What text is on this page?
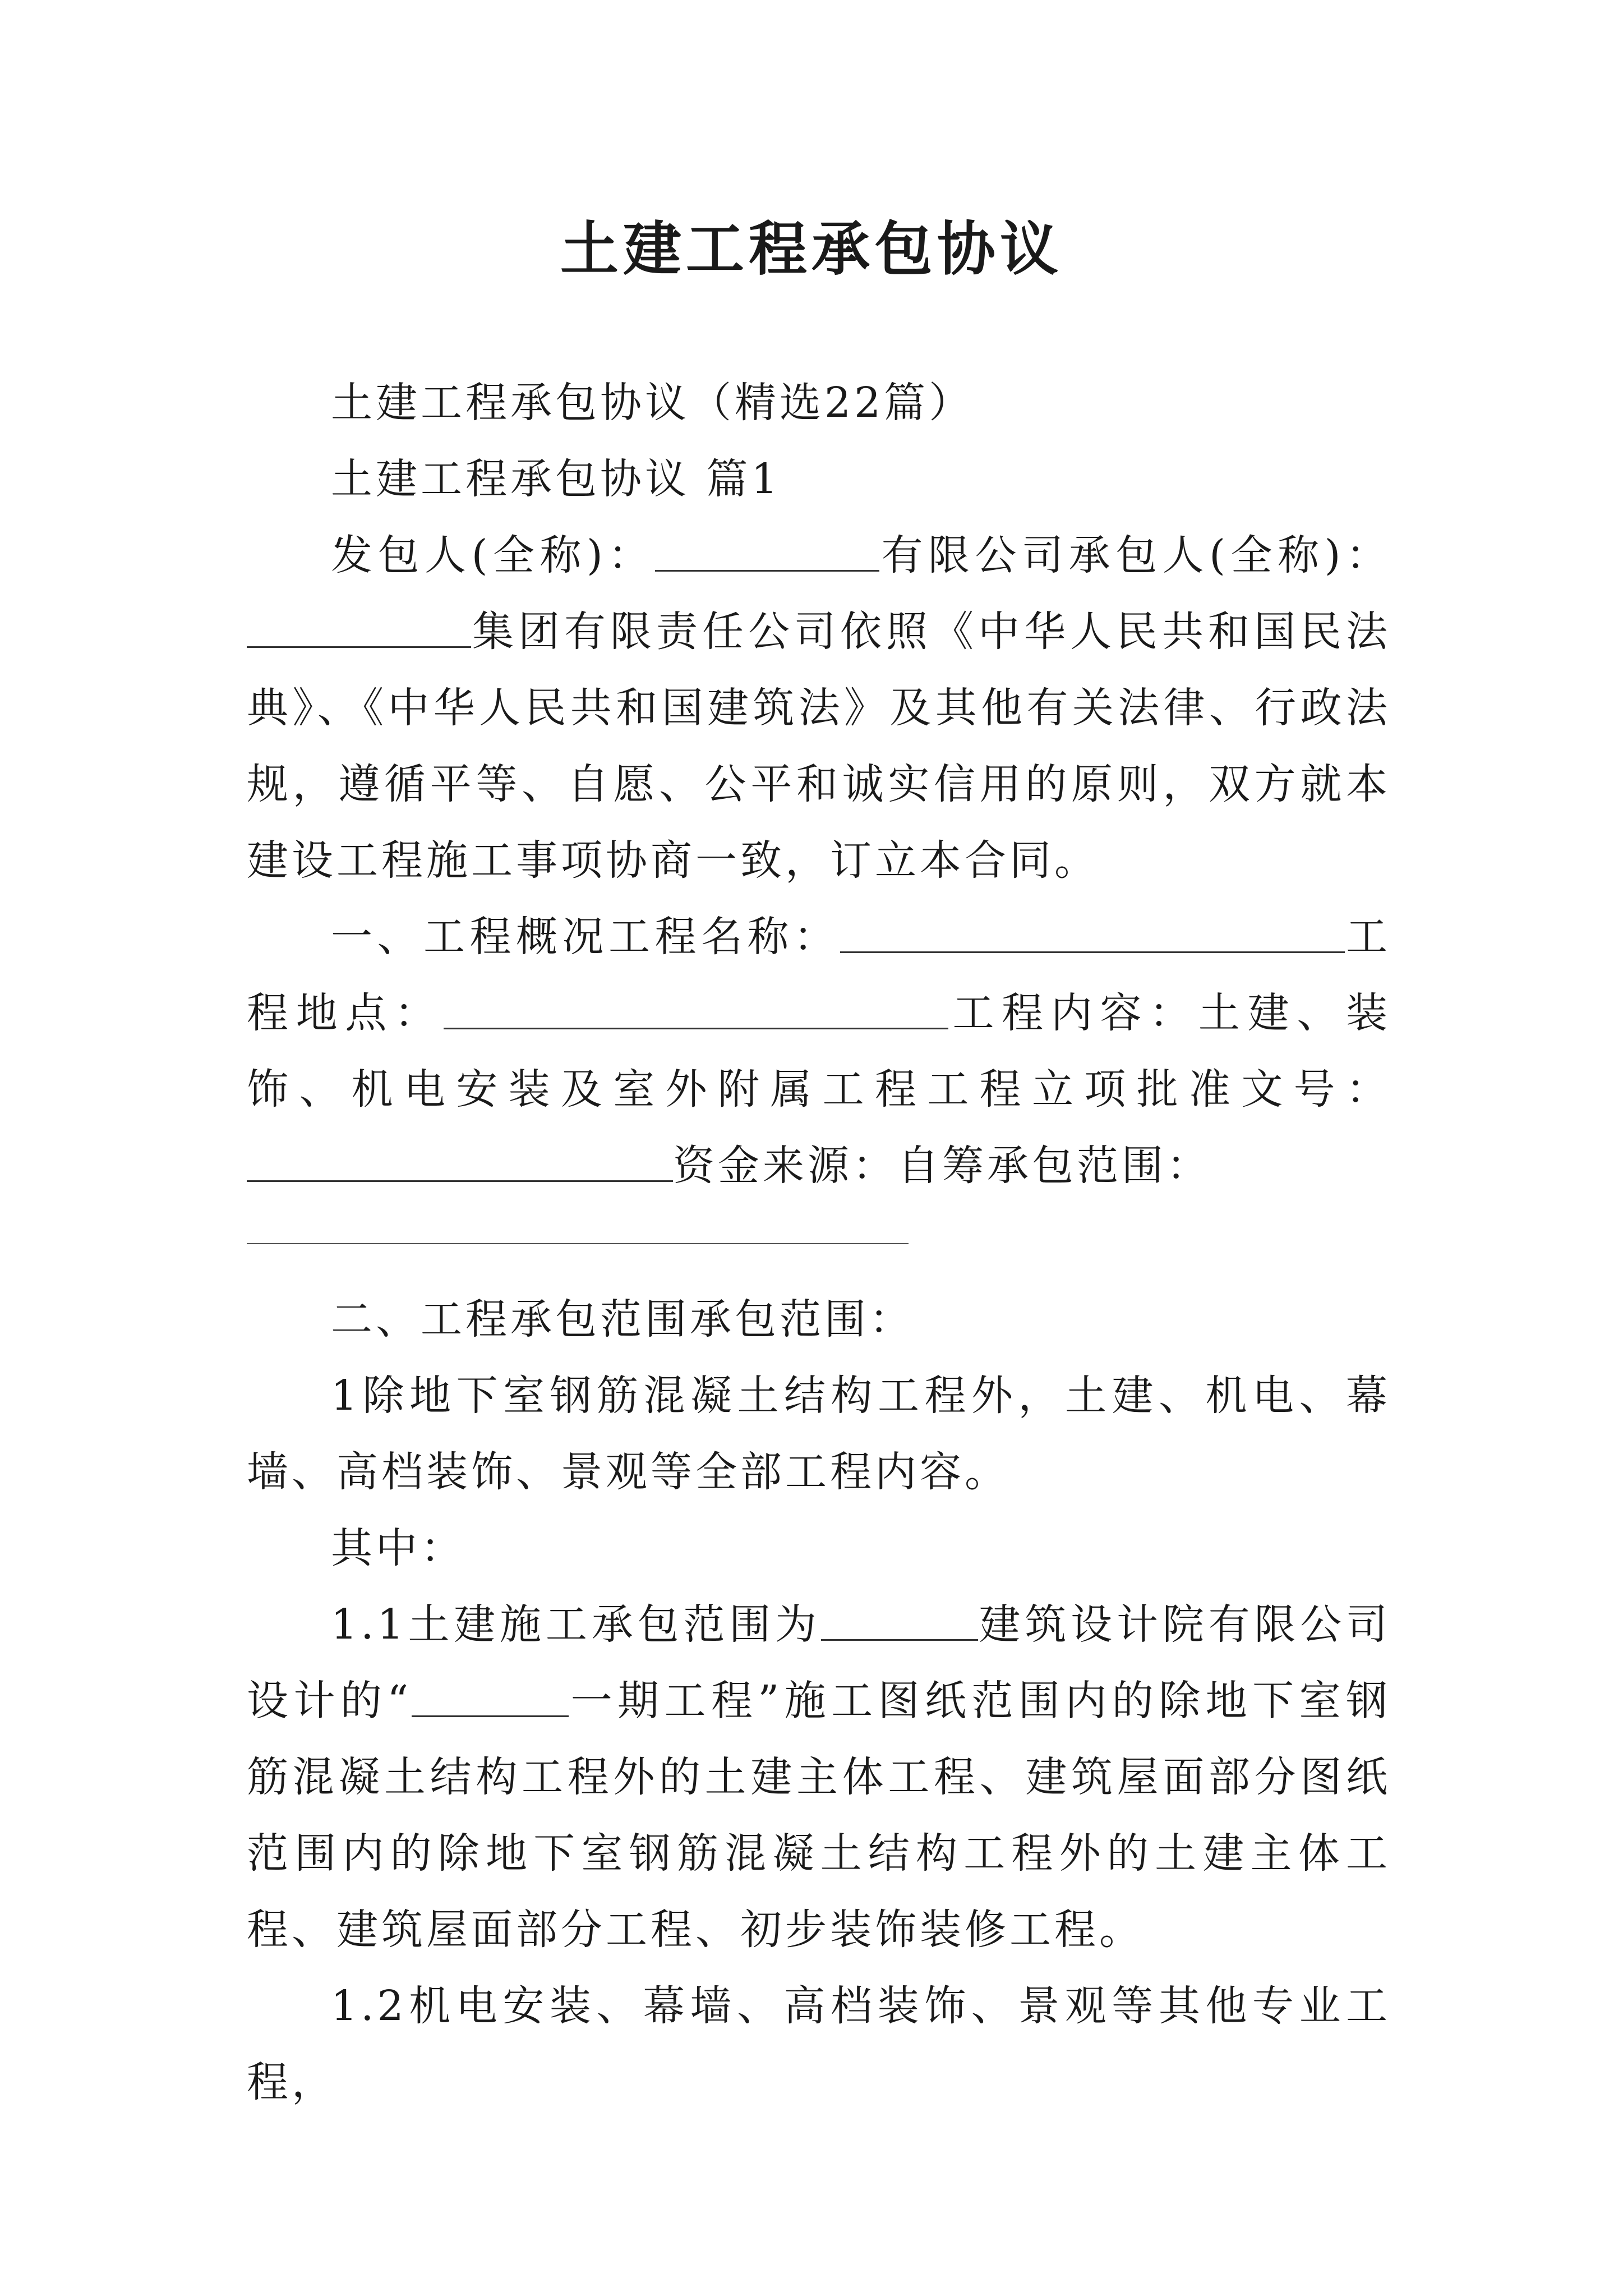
土建工程承包协议

土建工程承包协议（精选22篇）

土建工程承包协议 篇1

发包人(全称)：	有限公司承包人(全称)：集团有限责任公司依照《中华人民共和国民法典》、《中华人民共和国建筑法》及其他有关法律、行政法规，遵循平等、自愿、公平和诚实信用的原则，双方就本建设工程施工事项协商一致，订立本合同。

一、工程概况工程名称：	工程地点：	工程内容：土建、装饰、机电安装及室外附属工程工程立项批准文号：资金来源：自筹承包范围：

二、工程承包范围承包范围：

1除地下室钢筋混凝土结构工程外，土建、机电、幕墙、高档装饰、景观等全部工程内容。

其中：

1.1土建施工承包范围为	建筑设计院有限公司设计的“	一期工程”施工图纸范围内的除地下室钢筋混凝土结构工程外的土建主体工程、建筑屋面部分图纸范围内的除地下室钢筋混凝土结构工程外的土建主体工程、建筑屋面部分工程、初步装饰装修工程。

1.2机电安装、幕墙、高档装饰、景观等其他专业工程，
